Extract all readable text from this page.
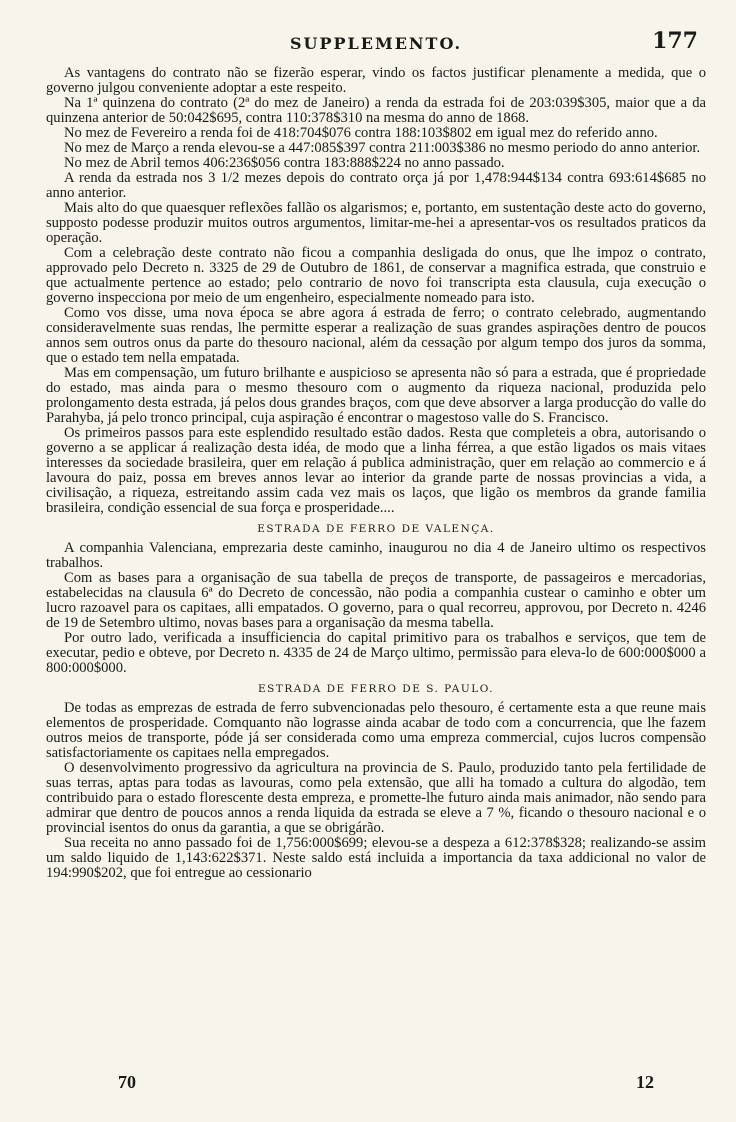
SUPPLEMENTO.	177

As vantagens do contrato não se fizerão esperar, vindo os factos justificar plenamente a medida, que o governo julgou conveniente adoptar a este respeito.

Na 1ª quinzena do contrato (2ª do mez de Janeiro) a renda da estrada foi de 203:039$305, maior que a da quinzena anterior de 50:042$695, contra 110:378$310 na mesma do anno de 1868.

No mez de Fevereiro a renda foi de 418:704$076 contra 188:103$802 em igual mez do referido anno.

No mez de Março a renda elevou-se a 447:085$397 contra 211:003$386 no mesmo periodo do anno anterior.

No mez de Abril temos 406:236$056 contra 183:888$224 no anno passado.

A renda da estrada nos 3 1/2 mezes depois do contrato orça já por 1,478:944$134 contra 693:614$685 no anno anterior.

Mais alto do que quaesquer reflexões fallão os algarismos; e, portanto, em sustentação deste acto do governo, supposto podesse produzir muitos outros argumentos, limitar-me-hei a apresentar-vos os resultados praticos da operação.

Com a celebração deste contrato não ficou a companhia desligada do onus, que lhe impoz o contrato, approvado pelo Decreto n. 3325 de 29 de Outubro de 1861, de conservar a magnifica estrada, que construio e que actualmente pertence ao estado; pelo contrario de novo foi transcripta esta clausula, cuja execução o governo inspecciona por meio de um engenheiro, especialmente nomeado para isto.

Como vos disse, uma nova época se abre agora á estrada de ferro; o contrato celebrado, augmentando consideravelmente suas rendas, lhe permitte esperar a realização de suas grandes aspirações dentro de poucos annos sem outros onus da parte do thesouro nacional, além da cessação por algum tempo dos juros da somma, que o estado tem nella empatada.

Mas em compensação, um futuro brilhante e auspicioso se apresenta não só para a estrada, que é propriedade do estado, mas ainda para o mesmo thesouro com o augmento da riqueza nacional, produzida pelo prolongamento desta estrada, já pelos dous grandes braços, com que deve absorver a larga producção do valle do Parahyba, já pelo tronco principal, cuja aspiração é encontrar o magestoso valle do S. Francisco.

Os primeiros passos para este esplendido resultado estão dados. Resta que completeis a obra, autorisando o governo a se applicar á realização desta idéa, de modo que a linha férrea, a que estão ligados os mais vitaes interesses da sociedade brasileira, quer em relação á publica administração, quer em relação ao commercio e á lavoura do paiz, possa em breves annos levar ao interior da grande parte de nossas provincias a vida, a civilisação, a riqueza, estreitando assim cada vez mais os laços, que ligão os membros da grande familia brasileira, condição essencial de sua força e prosperidade....

ESTRADA DE FERRO DE VALENÇA.

A companhia Valenciana, emprezaria deste caminho, inaugurou no dia 4 de Janeiro ultimo os respectivos trabalhos.

Com as bases para a organisação de sua tabella de preços de transporte, de passageiros e mercadorias, estabelecidas na clausula 6ª do Decreto de concessão, não podia a companhia custear o caminho e obter um lucro razoavel para os capitaes, alli empatados. O governo, para o qual recorreu, approvou, por Decreto n. 4246 de 19 de Setembro ultimo, novas bases para a organisação da mesma tabella.

Por outro lado, verificada a insufficiencia do capital primitivo para os trabalhos e serviços, que tem de executar, pedio e obteve, por Decreto n. 4335 de 24 de Março ultimo, permissão para eleva-lo de 600:000$000 a 800:000$000.

ESTRADA DE FERRO DE S. PAULO.

De todas as emprezas de estrada de ferro subvencionadas pelo thesouro, é certamente esta a que reune mais elementos de prosperidade. Comquanto não lograsse ainda acabar de todo com a concurrencia, que lhe fazem outros meios de transporte, póde já ser considerada como uma empreza commercial, cujos lucros compensão satisfactoriamente os capitaes nella empregados.

O desenvolvimento progressivo da agricultura na provincia de S. Paulo, produzido tanto pela fertilidade de suas terras, aptas para todas as lavouras, como pela extensão, que alli ha tomado a cultura do algodão, tem contribuido para o estado florescente desta empreza, e promette-lhe futuro ainda mais animador, não sendo para admirar que dentro de poucos annos a renda liquida da estrada se eleve a 7 %, ficando o thesouro nacional e o provincial isentos do onus da garantia, a que se obrigárão.

Sua receita no anno passado foi de 1,756:000$699; elevou-se a despeza a 612:378$328; realizando-se assim um saldo liquido de 1,143:622$371. Neste saldo está incluida a importancia da taxa addicional no valor de 194:990$202, que foi entregue ao cessionario

70	12
